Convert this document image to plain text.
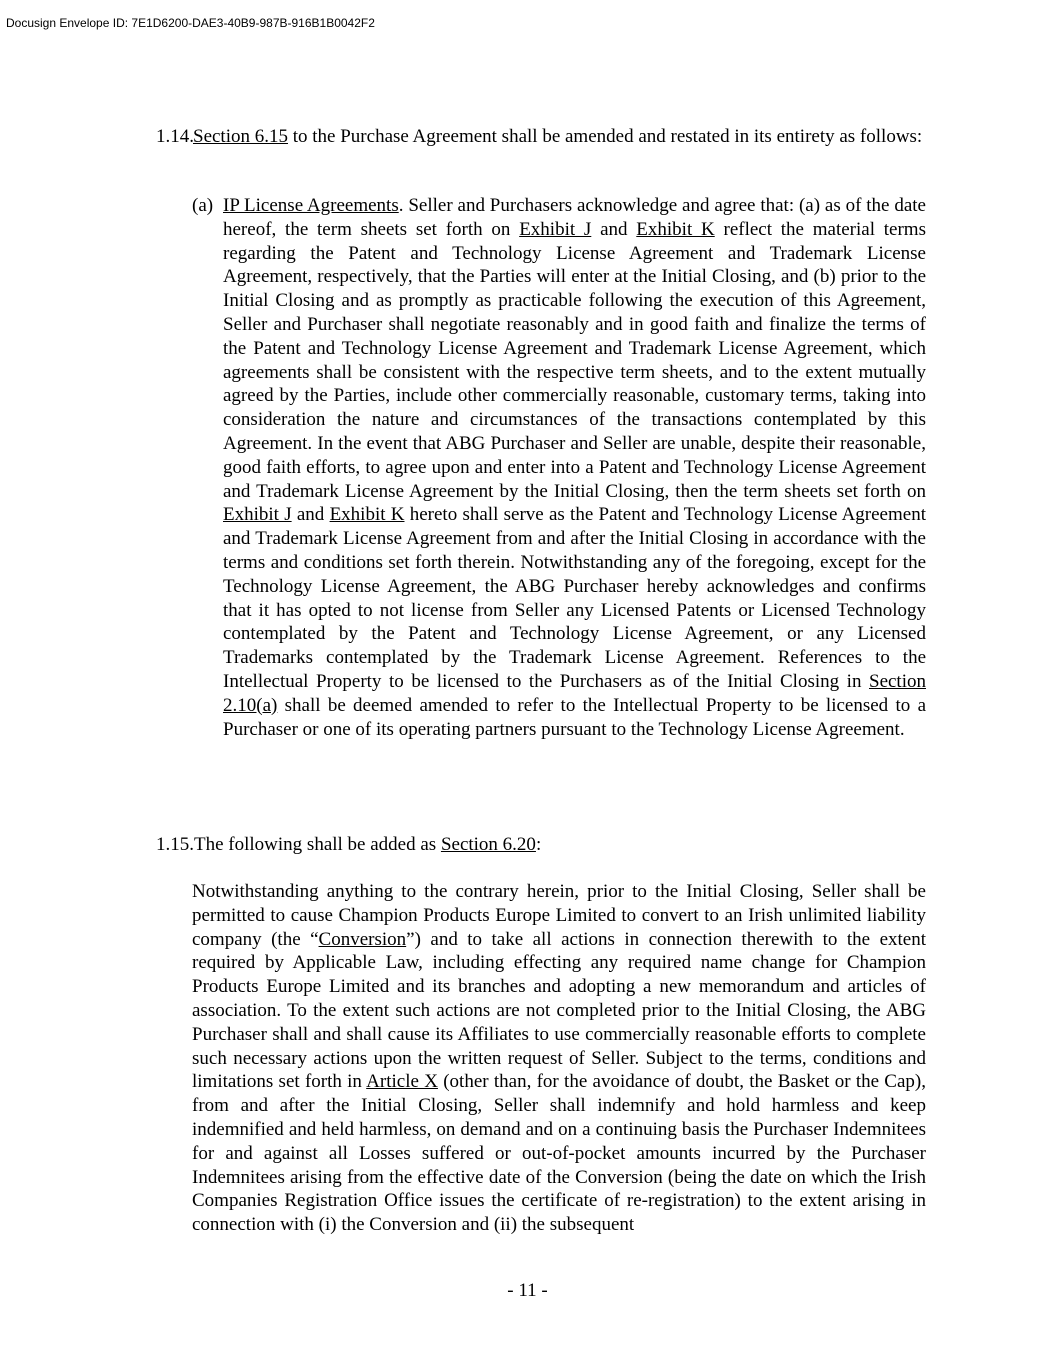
Docusign Envelope ID: 7E1D6200-DAE3-40B9-987B-916B1B0042F2
1.14. Section 6.15 to the Purchase Agreement shall be amended and restated in its entirety as follows:
(a) IP License Agreements. Seller and Purchasers acknowledge and agree that: (a) as of the date hereof, the term sheets set forth on Exhibit J and Exhibit K reflect the material terms regarding the Patent and Technology License Agreement and Trademark License Agreement, respectively, that the Parties will enter at the Initial Closing, and (b) prior to the Initial Closing and as promptly as practicable following the execution of this Agreement, Seller and Purchaser shall negotiate reasonably and in good faith and finalize the terms of the Patent and Technology License Agreement and Trademark License Agreement, which agreements shall be consistent with the respective term sheets, and to the extent mutually agreed by the Parties, include other commercially reasonable, customary terms, taking into consideration the nature and circumstances of the transactions contemplated by this Agreement. In the event that ABG Purchaser and Seller are unable, despite their reasonable, good faith efforts, to agree upon and enter into a Patent and Technology License Agreement and Trademark License Agreement by the Initial Closing, then the term sheets set forth on Exhibit J and Exhibit K hereto shall serve as the Patent and Technology License Agreement and Trademark License Agreement from and after the Initial Closing in accordance with the terms and conditions set forth therein. Notwithstanding any of the foregoing, except for the Technology License Agreement, the ABG Purchaser hereby acknowledges and confirms that it has opted to not license from Seller any Licensed Patents or Licensed Technology contemplated by the Patent and Technology License Agreement, or any Licensed Trademarks contemplated by the Trademark License Agreement. References to the Intellectual Property to be licensed to the Purchasers as of the Initial Closing in Section 2.10(a) shall be deemed amended to refer to the Intellectual Property to be licensed to a Purchaser or one of its operating partners pursuant to the Technology License Agreement.
1.15.The following shall be added as Section 6.20:
Notwithstanding anything to the contrary herein, prior to the Initial Closing, Seller shall be permitted to cause Champion Products Europe Limited to convert to an Irish unlimited liability company (the “Conversion”) and to take all actions in connection therewith to the extent required by Applicable Law, including effecting any required name change for Champion Products Europe Limited and its branches and adopting a new memorandum and articles of association. To the extent such actions are not completed prior to the Initial Closing, the ABG Purchaser shall and shall cause its Affiliates to use commercially reasonable efforts to complete such necessary actions upon the written request of Seller. Subject to the terms, conditions and limitations set forth in Article X (other than, for the avoidance of doubt, the Basket or the Cap), from and after the Initial Closing, Seller shall indemnify and hold harmless and keep indemnified and held harmless, on demand and on a continuing basis the Purchaser Indemnitees for and against all Losses suffered or out-of-pocket amounts incurred by the Purchaser Indemnitees arising from the effective date of the Conversion (being the date on which the Irish Companies Registration Office issues the certificate of re-registration) to the extent arising in connection with (i) the Conversion and (ii) the subsequent
- 11 -
